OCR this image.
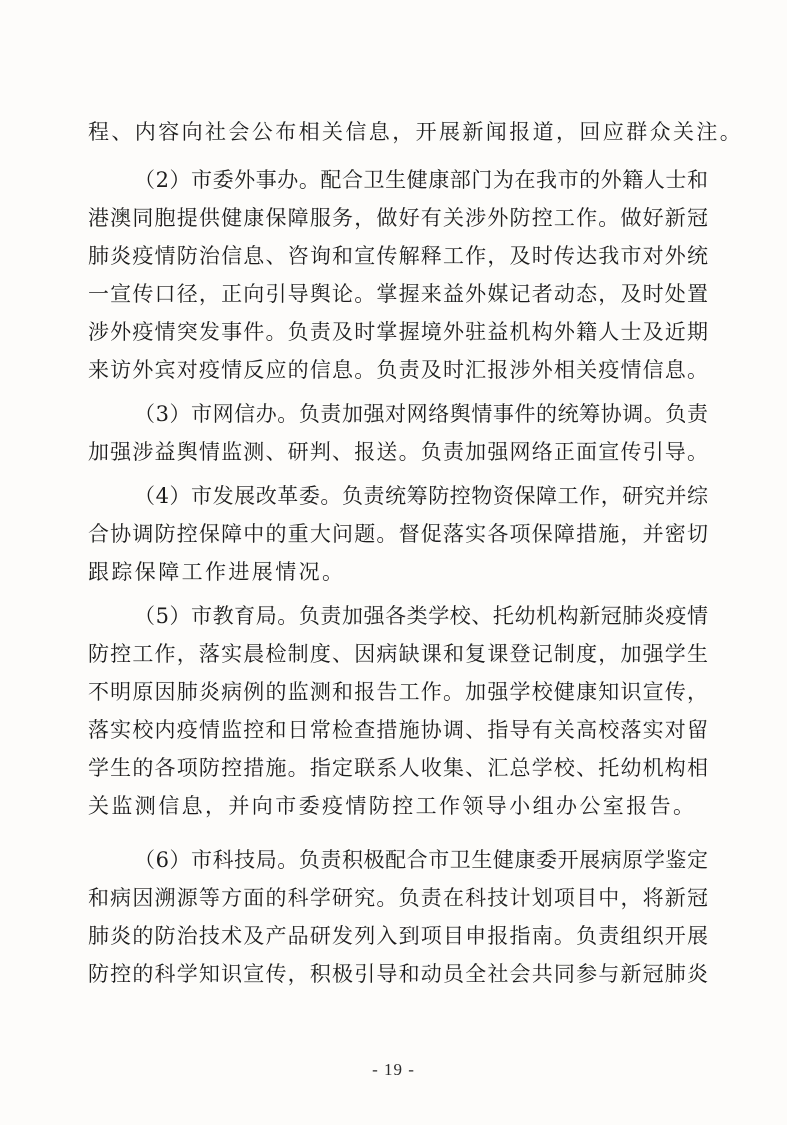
程、内容向社会公布相关信息，开展新闻报道，回应群众关注。
（2）市委外事办。配合卫生健康部门为在我市的外籍人士和
港澳同胞提供健康保障服务，做好有关涉外防控工作。做好新冠
肺炎疫情防治信息、咨询和宣传解释工作，及时传达我市对外统
一宣传口径，正向引导舆论。掌握来益外媒记者动态，及时处置
涉外疫情突发事件。负责及时掌握境外驻益机构外籍人士及近期
来访外宾对疫情反应的信息。负责及时汇报涉外相关疫情信息。
（3）市网信办。负责加强对网络舆情事件的统筹协调。负责
加强涉益舆情监测、研判、报送。负责加强网络正面宣传引导。
（4）市发展改革委。负责统筹防控物资保障工作，研究并综
合协调防控保障中的重大问题。督促落实各项保障措施，并密切
跟踪保障工作进展情况。
（5）市教育局。负责加强各类学校、托幼机构新冠肺炎疫情
防控工作，落实晨检制度、因病缺课和复课登记制度，加强学生
不明原因肺炎病例的监测和报告工作。加强学校健康知识宣传，
落实校内疫情监控和日常检查措施协调、指导有关高校落实对留
学生的各项防控措施。指定联系人收集、汇总学校、托幼机构相
关监测信息，并向市委疫情防控工作领导小组办公室报告。
（6）市科技局。负责积极配合市卫生健康委开展病原学鉴定
和病因溯源等方面的科学研究。负责在科技计划项目中，将新冠
肺炎的防治技术及产品研发列入到项目申报指南。负责组织开展
防控的科学知识宣传，积极引导和动员全社会共同参与新冠肺炎
- 19 -
